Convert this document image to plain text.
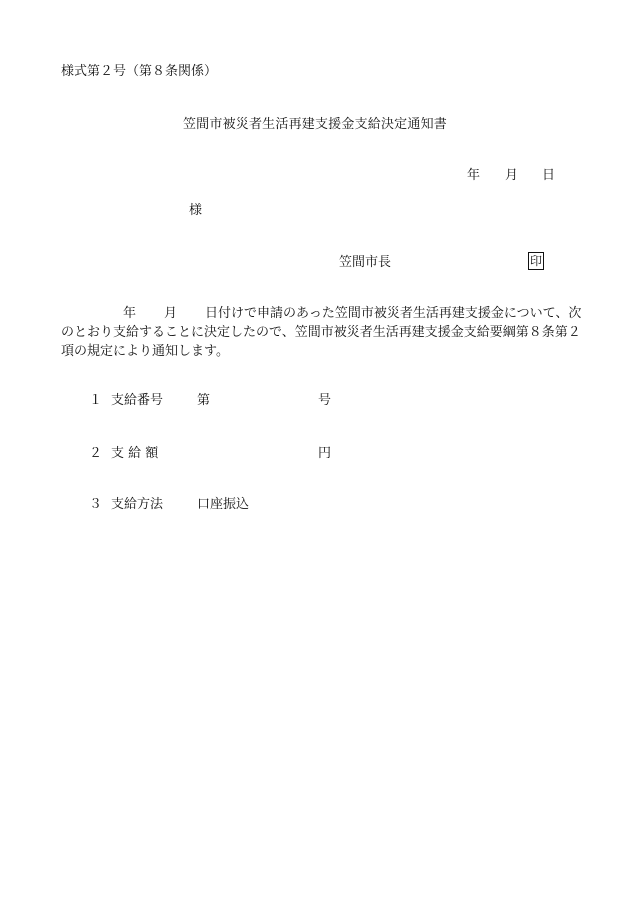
様式第２号（第８条関係）
笠間市被災者生活再建支援金支給決定通知書
年 月 日
様
笠間市長	印
年 月 日付けで申請のあった笠間市被災者生活再建支援金について、次
のとおり支給することに決定したので、笠間市被災者生活再建支援金支給要綱第８条第２
項の規定により通知します。
１ 支給番号	第	号
２ 支 給 額	円
３ 支給方法	口座振込
